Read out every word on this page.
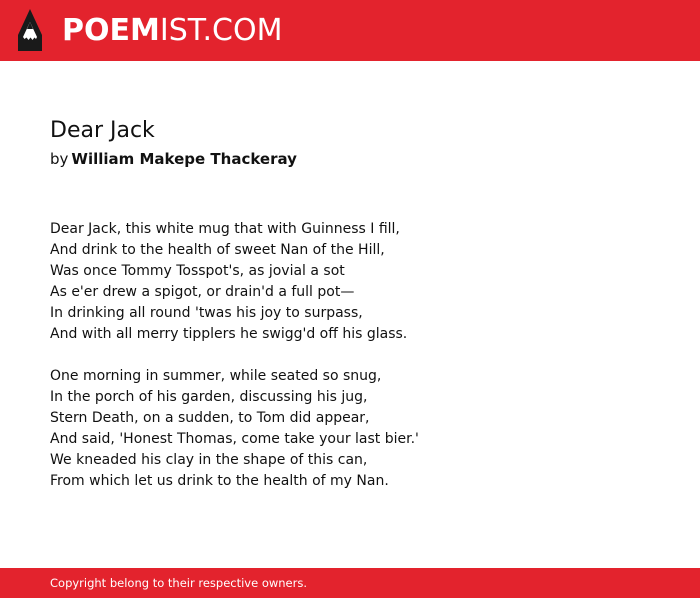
POEMIST.COM
Dear Jack
by William Makepe Thackeray
Dear Jack, this white mug that with Guinness I fill,
And drink to the health of sweet Nan of the Hill,
Was once Tommy Tosspot's, as jovial a sot
As e'er drew a spigot, or drain'd a full pot—
In drinking all round 'twas his joy to surpass,
And with all merry tipplers he swigg'd off his glass.
One morning in summer, while seated so snug,
In the porch of his garden, discussing his jug,
Stern Death, on a sudden, to Tom did appear,
And said, 'Honest Thomas, come take your last bier.'
We kneaded his clay in the shape of this can,
From which let us drink to the health of my Nan.
Copyright belong to their respective owners.
